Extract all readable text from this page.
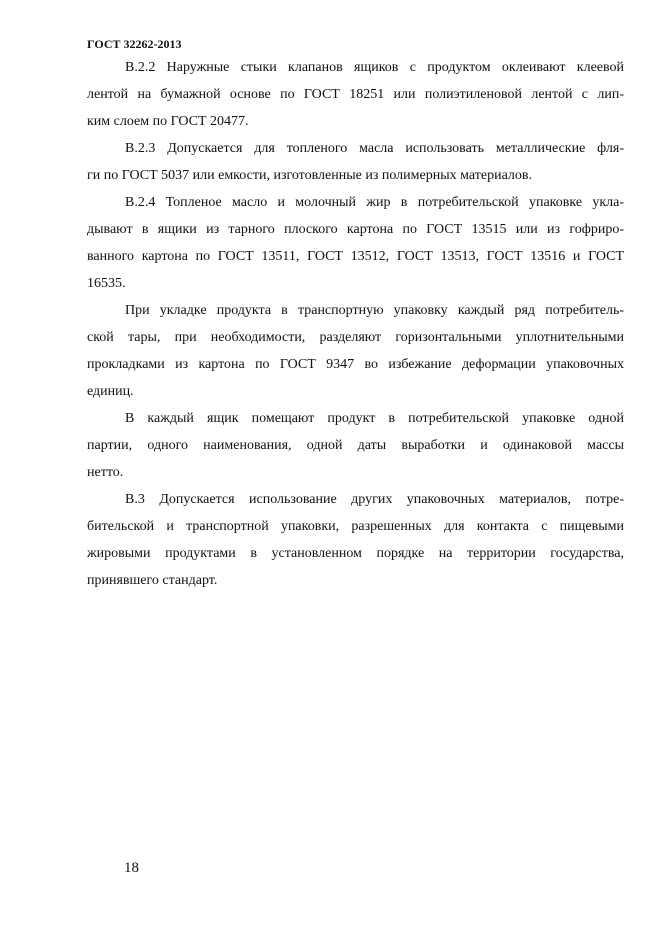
ГОСТ 32262-2013
В.2.2 Наружные стыки клапанов ящиков с продуктом оклеивают клеевой
лентой на бумажной основе по ГОСТ 18251 или полиэтиленовой лентой с лип-
ким слоем по ГОСТ 20477.
В.2.3 Допускается для топленого масла использовать металлические фля-
ги по ГОСТ 5037 или емкости, изготовленные из полимерных материалов.
В.2.4 Топленое масло и молочный жир в потребительской упаковке укла-
дывают в ящики из тарного плоского картона по ГОСТ 13515 или из гофриро-
ванного картона по ГОСТ 13511, ГОСТ 13512, ГОСТ 13513, ГОСТ 13516 и ГОСТ
16535.
При укладке продукта в транспортную упаковку каждый ряд потребитель-
ской тары, при необходимости, разделяют горизонтальными уплотнительными
прокладками из картона по ГОСТ 9347 во избежание деформации упаковочных
единиц.
В каждый ящик помещают продукт в потребительской упаковке одной
партии, одного наименования, одной даты выработки и одинаковой массы
нетто.
В.3 Допускается использование других упаковочных материалов, потре-
бительской и транспортной упаковки, разрешенных для контакта с пищевыми
жировыми продуктами в установленном порядке на территории государства,
принявшего стандарт.
18
